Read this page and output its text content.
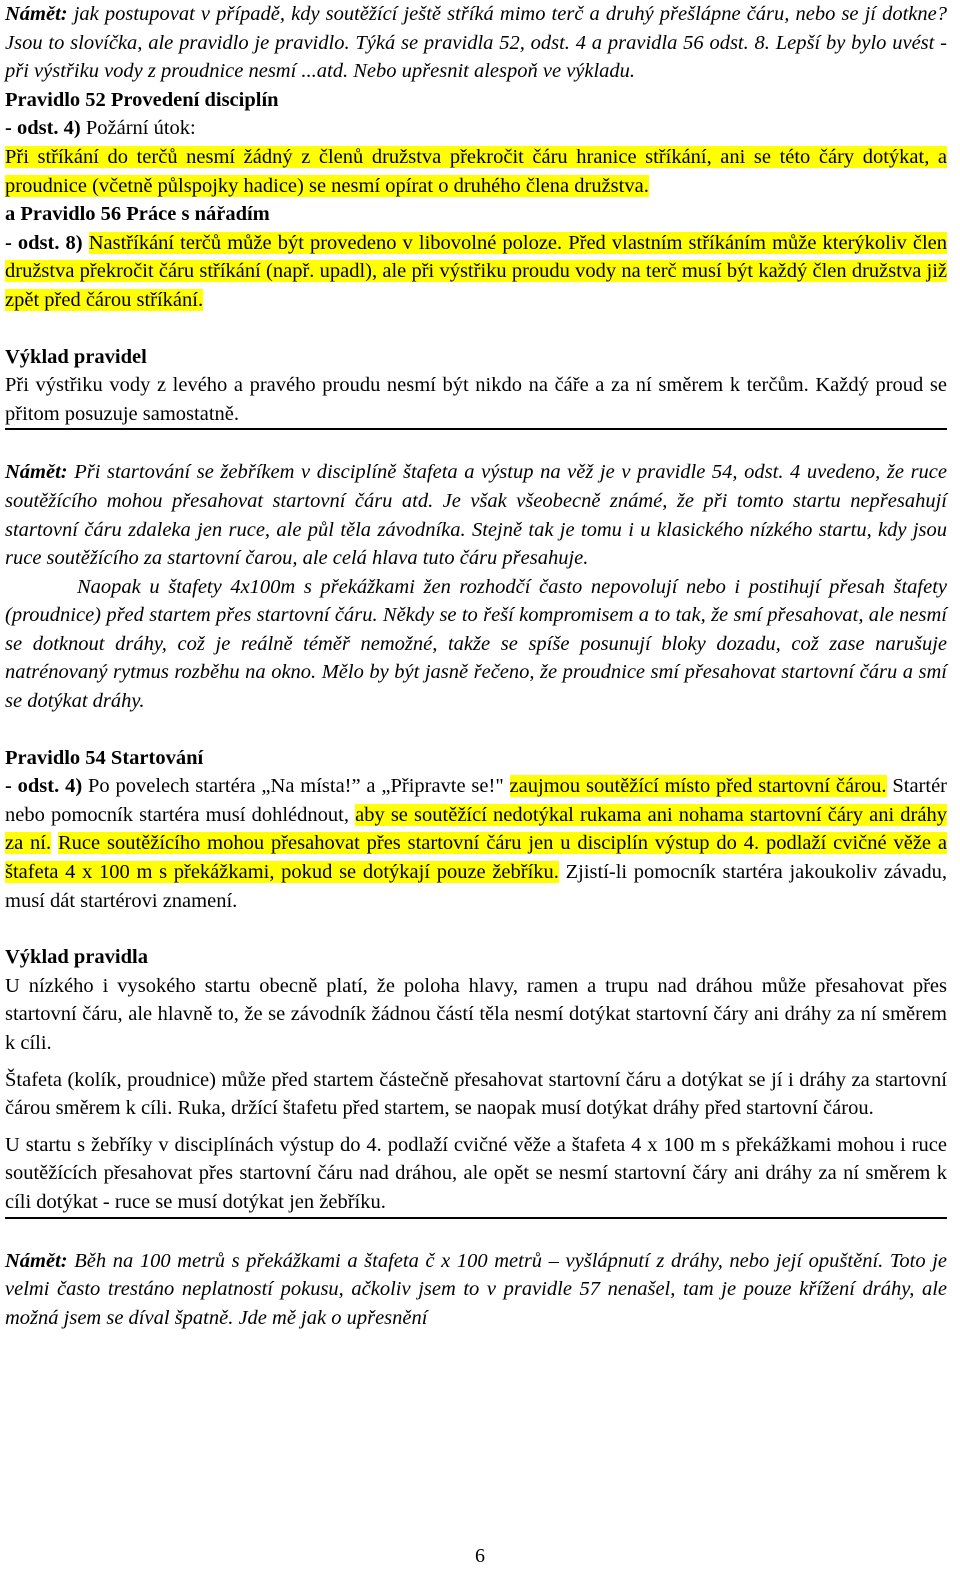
Námět: jak postupovat v případě, kdy soutěžící ještě stříká mimo terč a druhý přešlápne čáru, nebo se jí dotkne? Jsou to slovíčka, ale pravidlo je pravidlo. Týká se pravidla 52, odst. 4 a pravidla 56 odst. 8. Lepší by bylo uvést - při výstřiku vody z proudnice nesmí ...atd. Nebo upřesnit alespoň ve výkladu.

Pravidlo 52 Provedení disciplín

- odst. 4) Požární útok:

Při stříkání do terčů nesmí žádný z členů družstva překročit čáru hranice stříkání, ani se této čáry dotýkat, a proudnice (včetně půlspojky hadice) se nesmí opírat o druhého člena družstva.

a Pravidlo 56 Práce s nářadím

- odst. 8) Nastříkání terčů může být provedeno v libovolné poloze. Před vlastním stříkáním může kterýkoliv člen družstva překročit čáru stříkání (např. upadl), ale při výstřiku proudu vody na terč musí být každý člen družstva již zpět před čárou stříkání.

Výklad pravidel

Při výstřiku vody z levého a pravého proudu nesmí být nikdo na čáře a za ní směrem k terčům. Každý proud se přitom posuzuje samostatně.

Námět: Při startování se žebříkem v disciplíně štafeta a výstup na věž je v pravidle 54, odst. 4 uvedeno, že ruce soutěžícího mohou přesahovat startovní čáru atd. Je však všeobecně známé, že při tomto startu nepřesahují startovní čáru zdaleka jen ruce, ale půl těla závodníka. Stejně tak je tomu i u klasického nízkého startu, kdy jsou ruce soutěžícího za startovní čarou, ale celá hlava tuto čáru přesahuje.

Naopak u štafety 4x100m s překážkami žen rozhodčí často nepovolují nebo i postihují přesah štafety (proudnice) před startem přes startovní čáru. Někdy se to řeší kompromisem a to tak, že smí přesahovat, ale nesmí se dotknout dráhy, což je reálně téměř nemožné, takže se spíše posunují bloky dozadu, což zase narušuje natrénovaný rytmus rozběhu na okno. Mělo by být jasně řečeno, že proudnice smí přesahovat startovní čáru a smí se dotýkat dráhy.

Pravidlo 54 Startování

- odst. 4) Po povelech startéra „Na místa!” a „Připravte se!" zaujmou soutěžící místo před startovní čárou. Startér nebo pomocník startéra musí dohlédnout, aby se soutěžící nedotýkal rukama ani nohama startovní čáry ani dráhy za ní. Ruce soutěžícího mohou přesahovat přes startovní čáru jen u disciplín výstup do 4. podlaží cvičné věže a štafeta 4 x 100 m s překážkami, pokud se dotýkají pouze žebříku. Zjistí-li pomocník startéra jakoukoliv závadu, musí dát startérovi znamení.

Výklad pravidla

U nízkého i vysokého startu obecně platí, že poloha hlavy, ramen a trupu nad dráhou může přesahovat přes startovní čáru, ale hlavně to, že se závodník žádnou částí těla nesmí dotýkat startovní čáry ani dráhy za ní směrem k cíli.

Štafeta (kolík, proudnice) může před startem částečně přesahovat startovní čáru a dotýkat se jí i dráhy za startovní čárou směrem k cíli. Ruka, držící štafetu před startem, se naopak musí dotýkat dráhy před startovní čárou.

U startu s žebříky v disciplínách výstup do 4. podlaží cvičné věže a štafeta 4 x 100 m s překážkami mohou i ruce soutěžících přesahovat přes startovní čáru nad dráhou, ale opět se nesmí startovní čáry ani dráhy za ní směrem k cíli dotýkat - ruce se musí dotýkat jen žebříku.

Námět: Běh na 100 metrů s překážkami a štafeta č x 100 metrů – vyšlápnutí z dráhy, nebo její opuštění. Toto je velmi často trestáno neplatností pokusu, ačkoliv jsem to v pravidle 57 nenašel, tam je pouze křížení dráhy, ale možná jsem se díval špatně. Jde mě jak o upřesnění

6
